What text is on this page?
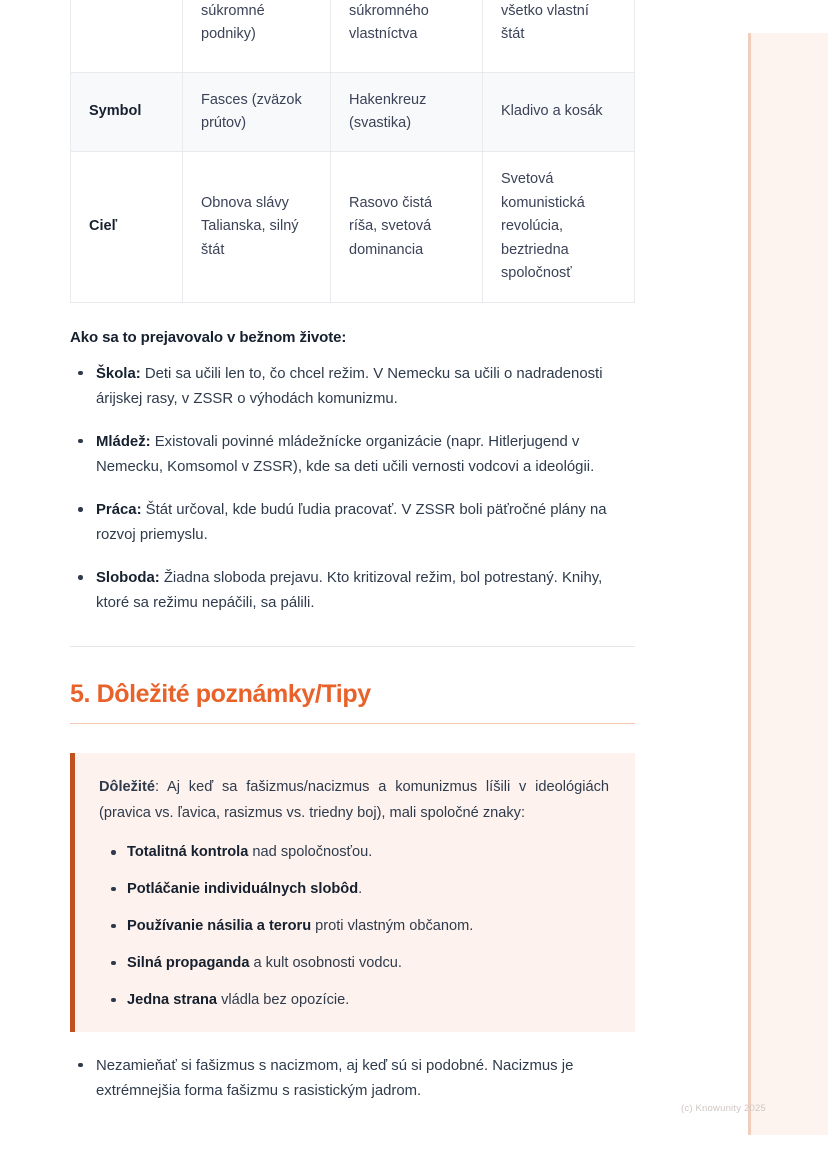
	súkromné podniky)	súkromného vlastníctva	všetko vlastní štát
Symbol	Fasces (zväzok prútov)	Hakenkreuz (svastika)	Kladivo a kosák
Cieľ	Obnova slávy Talianska, silný štát	Rasovo čistá ríša, svetová dominancia	Svetová komunistická revolúcia, beztriedna spoločnosť

Ako sa to prejavovalo v bežnom živote:

Škola: Deti sa učili len to, čo chcel režim. V Nemecku sa učili o nadradenosti árijskej rasy, v ZSSR o výhodách komunizmu.
Mládež: Existovali povinné mládežnícke organizácie (napr. Hitlerjugend v Nemecku, Komsomol v ZSSR), kde sa deti učili vernosti vodcovi a ideológii.
Práca: Štát určoval, kde budú ľudia pracovať. V ZSSR boli päťročné plány na rozvoj priemyslu.
Sloboda: Žiadna sloboda prejavu. Kto kritizoval režim, bol potrestaný. Knihy, ktoré sa režimu nepáčili, sa pálili.
5. Dôležité poznámky/Tipy

Dôležité: Aj keď sa fašizmus/nacizmus a komunizmus líšili v ideológiách (pravica vs. ľavica, rasizmus vs. triedny boj), mali spoločné znaky:

Totalitná kontrola nad spoločnosťou.
Potláčanie individuálnych slobôd.
Používanie násilia a teroru proti vlastným občanom.
Silná propaganda a kult osobnosti vodcu.
Jedna strana vládla bez opozície.
Nezamieňať si fašizmus s nacizmom, aj keď sú si podobné. Nacizmus je extrémnejšia forma fašizmu s rasistickým jadrom.
(c) Knowunity 2025
